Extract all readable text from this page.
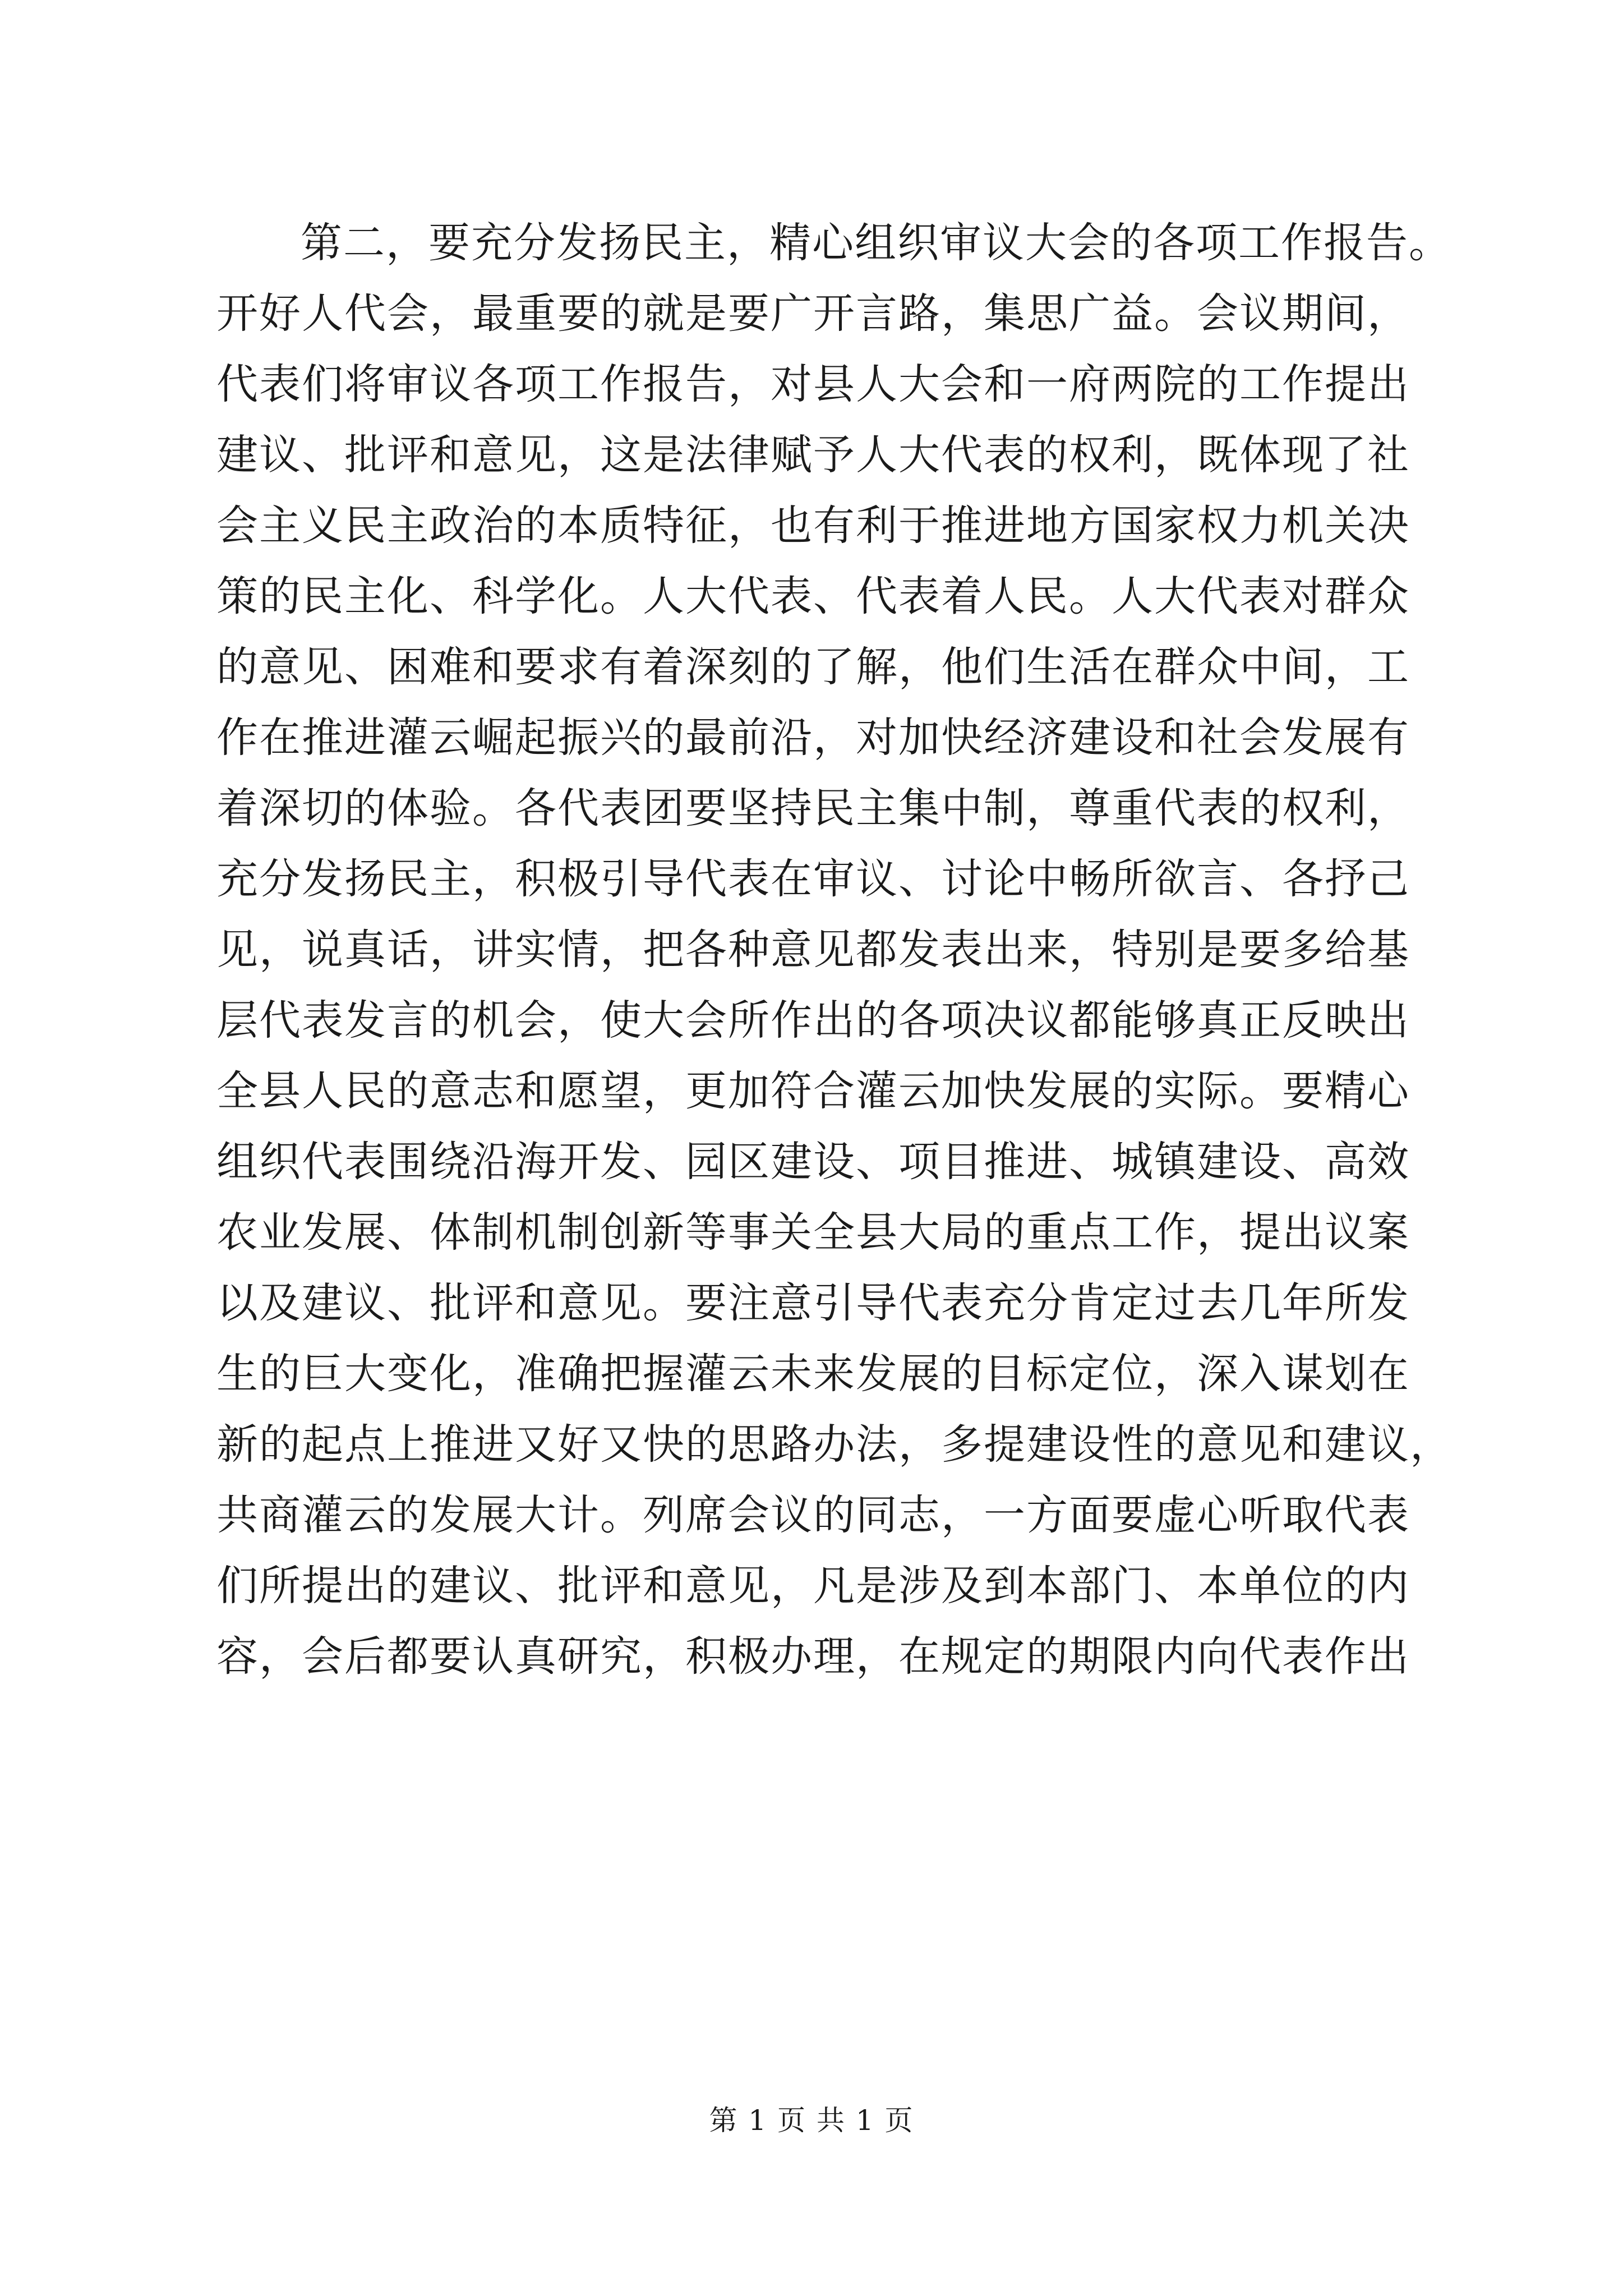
第二，要充分发扬民主，精心组织审议大会的各项工作报告。
开好人代会，最重要的就是要广开言路，集思广益。会议期间，
代表们将审议各项工作报告，对县人大会和一府两院的工作提出
建议、批评和意见，这是法律赋予人大代表的权利，既体现了社
会主义民主政治的本质特征，也有利于推进地方国家权力机关决
策的民主化、科学化。人大代表、代表着人民。人大代表对群众
的意见、困难和要求有着深刻的了解，他们生活在群众中间，工
作在推进灌云崛起振兴的最前沿，对加快经济建设和社会发展有
着深切的体验。各代表团要坚持民主集中制，尊重代表的权利，
充分发扬民主，积极引导代表在审议、讨论中畅所欲言、各抒己
见，说真话，讲实情，把各种意见都发表出来，特别是要多给基
层代表发言的机会，使大会所作出的各项决议都能够真正反映出
全县人民的意志和愿望，更加符合灌云加快发展的实际。要精心
组织代表围绕沿海开发、园区建设、项目推进、城镇建设、高效
农业发展、体制机制创新等事关全县大局的重点工作，提出议案
以及建议、批评和意见。要注意引导代表充分肯定过去几年所发
生的巨大变化，准确把握灌云未来发展的目标定位，深入谋划在
新的起点上推进又好又快的思路办法，多提建设性的意见和建议，
共商灌云的发展大计。列席会议的同志，一方面要虚心听取代表
们所提出的建议、批评和意见，凡是涉及到本部门、本单位的内
容，会后都要认真研究，积极办理，在规定的期限内向代表作出
第 1 页 共 1 页
